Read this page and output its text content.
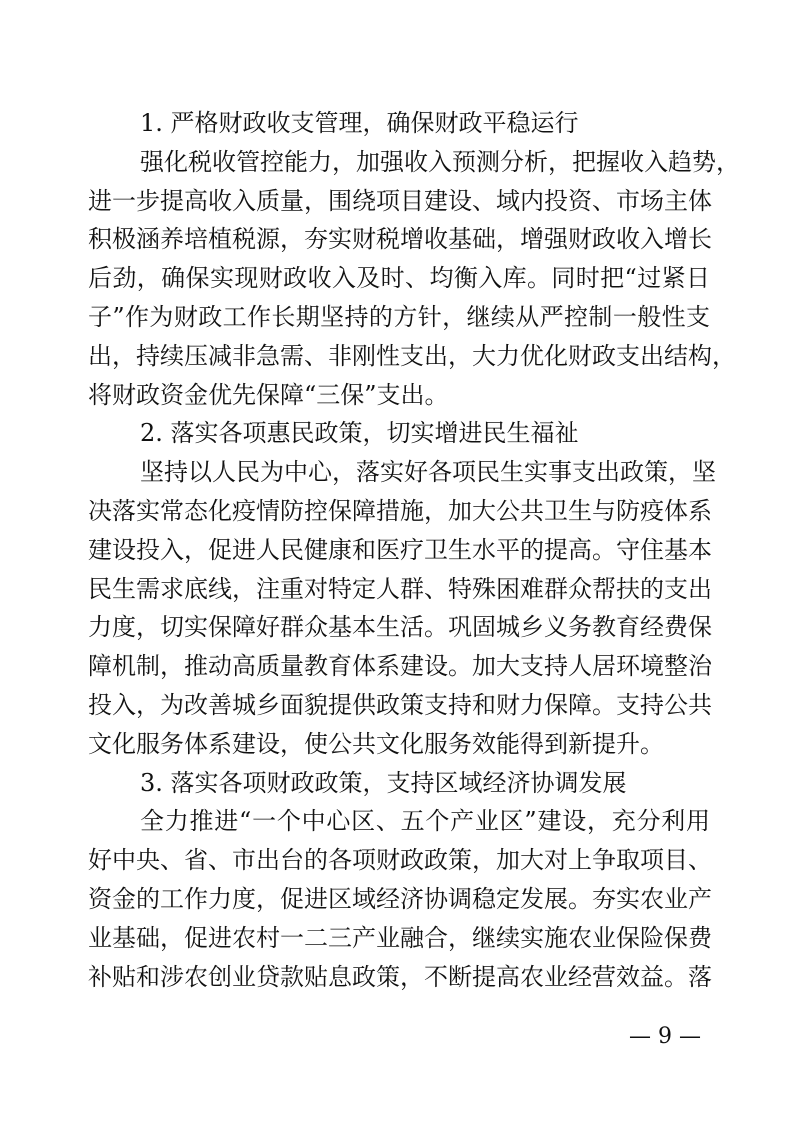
1. 严格财政收支管理，确保财政平稳运行
强化税收管控能力，加强收入预测分析，把握收入趋势，
进一步提高收入质量，围绕项目建设、域内投资、市场主体
积极涵养培植税源，夯实财税增收基础，增强财政收入增长
后劲，确保实现财政收入及时、均衡入库。同时把“过紧日
子”作为财政工作长期坚持的方针，继续从严控制一般性支
出，持续压减非急需、非刚性支出，大力优化财政支出结构，
将财政资金优先保障“三保”支出。
2. 落实各项惠民政策，切实增进民生福祉
坚持以人民为中心，落实好各项民生实事支出政策，坚
决落实常态化疫情防控保障措施，加大公共卫生与防疫体系
建设投入，促进人民健康和医疗卫生水平的提高。守住基本
民生需求底线，注重对特定人群、特殊困难群众帮扶的支出
力度，切实保障好群众基本生活。巩固城乡义务教育经费保
障机制，推动高质量教育体系建设。加大支持人居环境整治
投入，为改善城乡面貌提供政策支持和财力保障。支持公共
文化服务体系建设，使公共文化服务效能得到新提升。
3. 落实各项财政政策，支持区域经济协调发展
全力推进“一个中心区、五个产业区”建设，充分利用
好中央、省、市出台的各项财政政策，加大对上争取项目、
资金的工作力度，促进区域经济协调稳定发展。夯实农业产
业基础，促进农村一二三产业融合，继续实施农业保险保费
补贴和涉农创业贷款贴息政策，不断提高农业经营效益。落
— 9 —
